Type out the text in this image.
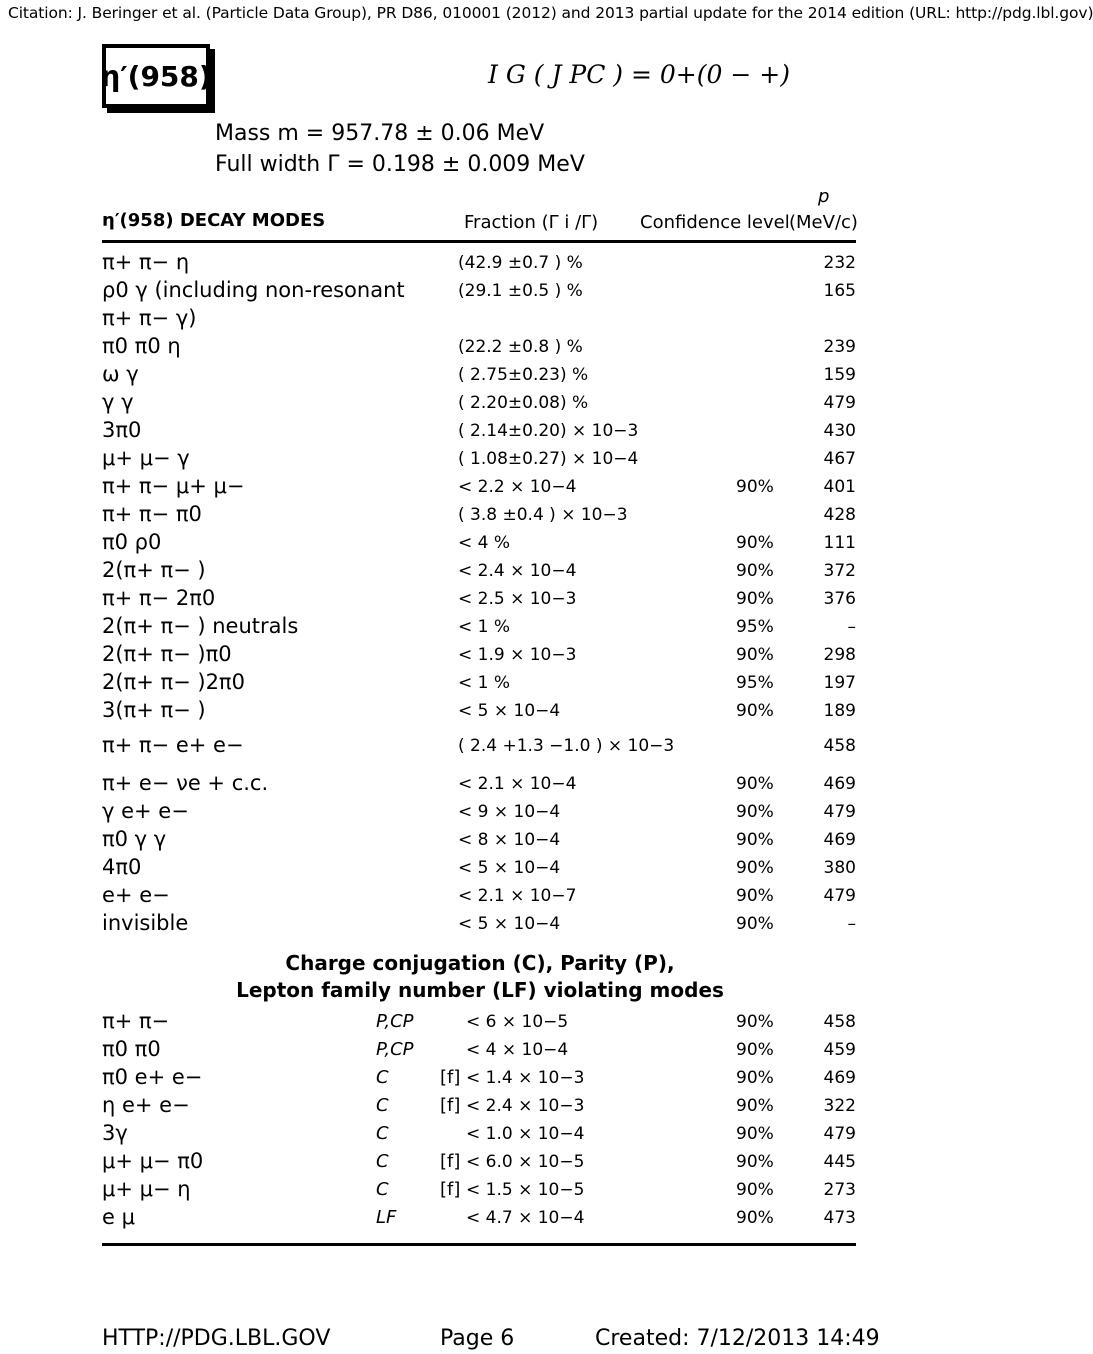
Citation: J. Beringer et al. (Particle Data Group), PR D86, 010001 (2012) and 2013 partial update for the 2014 edition (URL: http://pdg.lbl.gov)
η′(958)	I G ( J PC ) = 0+(0 − +)
Mass m = 957.78 ± 0.06 MeV
Full width Γ = 0.198 ± 0.009 MeV
η′(958) DECAY MODES	Fraction (Γ i /Γ) Confidence level
p
(MeV/c)
π+ π− η	(42.9 ±0.7 ) %	232
ρ0 γ (including non-resonant	(29.1 ±0.5 ) %	165
π+ π− γ)
π0 π0 η	(22.2 ±0.8 ) %	239
ω γ	( 2.75±0.23) %	159
γ γ	( 2.20±0.08) %	479
3π0	( 2.14±0.20) × 10−3	430
μ+ μ− γ	( 1.08±0.27) × 10−4	467
π+ π− μ+ μ−	< 2.2 × 10−4	90%	401
π+ π− π0	( 3.8 ±0.4 ) × 10−3	428
π0 ρ0	< 4 %	90%	111
2(π+ π− )	< 2.4 × 10−4	90%	372
π+ π− 2π0	< 2.5 × 10−3	90%	376
2(π+ π− ) neutrals	< 1 %	95%	–
2(π+ π− )π0	< 1.9 × 10−3	90%	298
2(π+ π− )2π0	< 1 %	95%	197
3(π+ π− )	< 5 × 10−4	90%	189
π+ π− e+ e−	( 2.4 +1.3 −1.0 ) × 10−3	458
π+ e− νe + c.c.	< 2.1 × 10−4	90%	469
γ e+ e−	< 9 × 10−4	90%	479
π0 γ γ	< 8 × 10−4	90%	469
4π0	< 5 × 10−4	90%	380
e+ e−	< 2.1 × 10−7	90%	479
invisible	< 5 × 10−4	90%	–
Charge conjugation (C), Parity (P),
Lepton family number (LF) violating modes
π+ π−	P,CP	< 6 × 10−5	90%	458
π0 π0	P,CP	< 4 × 10−4	90%	459
π0 e+ e−	C	[f] < 1.4 × 10−3	90%	469
η e+ e−	C	[f] < 2.4 × 10−3	90%	322
3γ	C	< 1.0 × 10−4	90%	479
μ+ μ− π0	C	[f] < 6.0 × 10−5	90%	445
μ+ μ− η	C	[f] < 1.5 × 10−5	90%	273
e μ	LF	< 4.7 × 10−4	90%	473
HTTP://PDG.LBL.GOV	Page 6	Created: 7/12/2013 14:49
